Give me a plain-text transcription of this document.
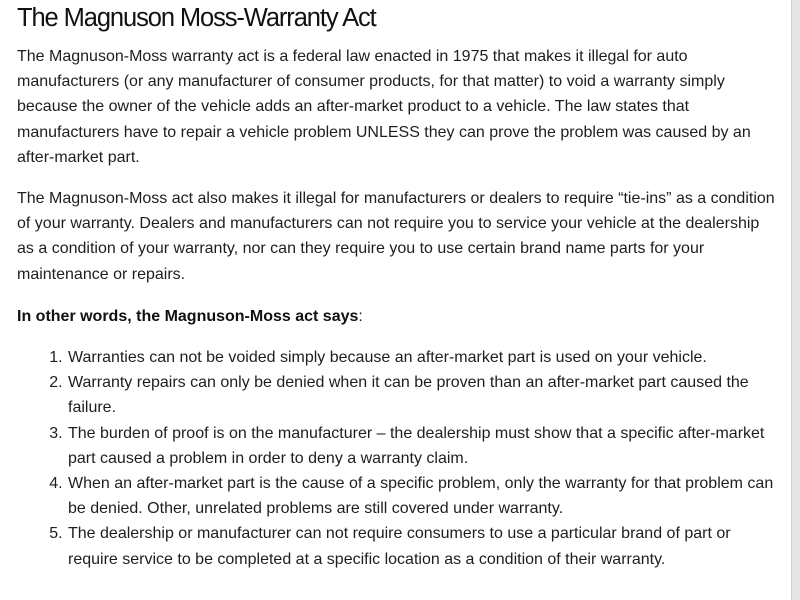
The Magnuson Moss-Warranty Act

The Magnuson-Moss warranty act is a federal law enacted in 1975 that makes it illegal for auto manufacturers (or any manufacturer of consumer products, for that matter) to void a warranty simply because the owner of the vehicle adds an after-market product to a vehicle. The law states that manufacturers have to repair a vehicle problem UNLESS they can prove the problem was caused by an after-market part.

The Magnuson-Moss act also makes it illegal for manufacturers or dealers to require “tie-ins” as a condition of your warranty. Dealers and manufacturers can not require you to service your vehicle at the dealership as a condition of your warranty, nor can they require you to use certain brand name parts for your maintenance or repairs.

In other words, the Magnuson-Moss act says:

1. Warranties can not be voided simply because an after-market part is used on your vehicle.
2. Warranty repairs can only be denied when it can be proven than an after-market part caused the failure.
3. The burden of proof is on the manufacturer – the dealership must show that a specific after-market part caused a problem in order to deny a warranty claim.
4. When an after-market part is the cause of a specific problem, only the warranty for that problem can be denied. Other, unrelated problems are still covered under warranty.
5. The dealership or manufacturer can not require consumers to use a particular brand of part or require service to be completed at a specific location as a condition of their warranty.
